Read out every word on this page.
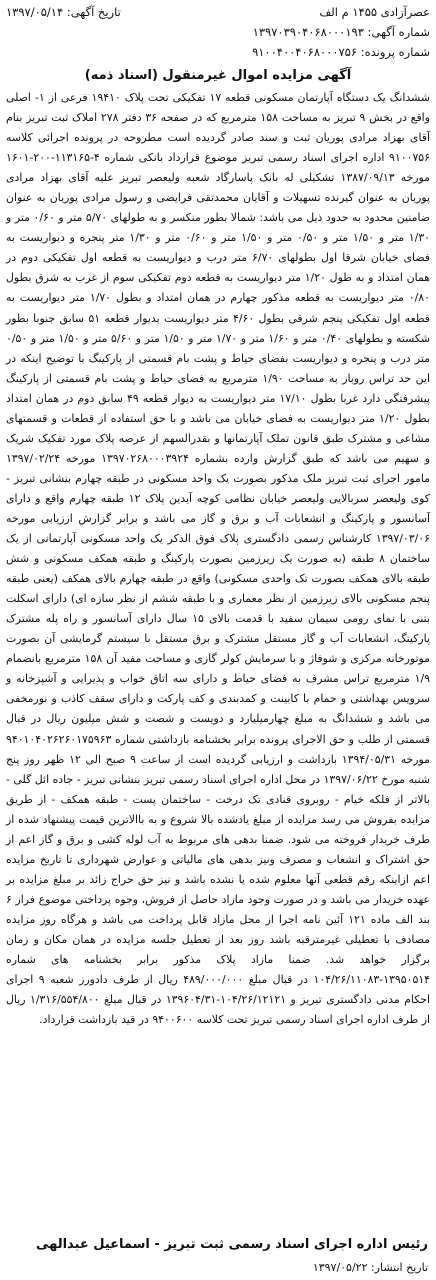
عصرآزادی ۱۴۵۵ م الف
شماره آگهی: ۱۳۹۷۰۳۹۰۴۰۶۸۰۰۰۱۹۳
شماره پرونده: ۹۱۰۰۴۰۰۴۰۶۸۰۰۰۷۵۶
تاریخ آگهی: ۱۳۹۷/۰۵/۱۴
آگهی مزایده اموال غیرمنقول (اسناد ذمه)
ششدانگ یک دستگاه آپارتمان مسکونی قطعه ۱۷ تفکیکی تحت پلاک ۱۹۴۱۰ فرعی از ۱- اصلی واقع در بخش ۹ تبریز به مساحت ۱۵۸ مترمربع که در صفحه ۳۶ دفتر ۲۷۸ املاک ثبت تبریز بنام آقای بهزاد مرادی پوریان ثبت و سند صادر گردیده است مطروحه در پرونده اجرائی کلاسه ۹۱۰۰۷۵۶ اداره اجرای اسناد رسمی تبریز موضوع قرارداد بانکی شماره ۴-۱۱۳۱۶۵-۲۰۰-۱۶۰۱ مورخه ۱۳۸۷/۰۹/۱۳ تشکیلی له بانک پاسارگاد شعبه ولیعصر تبریز علیه آقای بهزاد مرادی پوریان به عنوان گیرنده تسهیلات و آقایان محمدتقی فرایضی و رسول مرادی پوریان به عنوان ضامنین محدود به حدود ذیل می باشد: شمالا بطور منکسر و به طولهای ۵/۷۰ متر و ۰/۶۰ متر و ۱/۳۰ متر و ۱/۵۰ متر و ۰/۵۰ متر و ۱/۵۰ متر و ۰/۶۰ متر و ۱/۳۰ متر پنجره و دیواریست به فضای خیابان شرقا اول بطولهای ۶/۷۰ متر درب و دیواریست به قطعه اول تفکیکی دوم در همان امتداد و به طول ۱/۲۰ متر دیواریست به قطعه دوم تفکیکی سوم از غرب به شرق بطول ۰/۸۰ متر دیواریست به قطعه مذکور چهارم در همان امتداد و بطول ۱/۷۰ متر دیواریست به قطعه اول تفکیکی پنجم شرقی بطول ۴/۶۰ متر دیواریست بدیوار قطعه ۵۱ سابق جنوبا بطور شکسته و بطولهای ۰/۴۰ متر و ۱/۶۰ متر و ۱/۷۰ متر و ۱/۵۰ متر و ۵/۶۰ متر و ۱/۵۰ متر و ۰/۵۰ متر درب و پنجره و دیواریست بفضای حیاط و پشت بام قسمتی از پارکینگ با توضیح اینکه در این حد تراس روباز به مساحت ۱/۹۰ مترمربع به فضای حیاط و پشت بام قسمتی از پارکینگ پیشرفتگی دارد غربا بطول ۱۷/۱۰ متر دیواریست به دیوار قطعه ۴۹ سابق دوم در همان امتداد بطول ۱/۲۰ متر دیواریست به فضای خیابان می باشد و با حق استفاده از قطعات و قسمتهای مشاعی و مشترک طبق قانون تملک آپارتمانها و بقدرالسهم از عرصه پلاک مورد تفکیک شریک و سهیم می باشد که طبق گزارش وارده بشماره ۱۳۹۷۰۲۶۸۰۰۰۳۹۲۴ مورخه ۱۳۹۷/۰۲/۲۴ مامور اجرای ثبت تبریز ملک مذکور بصورت یک واحد مسکونی در طبقه چهارم بنشانی تبریز - کوی ولیعصر سربالایی ولیعصر خیابان نظامی کوچه آیدین پلاک ۱۲ طبقه چهارم واقع و دارای آسانسور و پارکینگ و انشعابات آب و برق و گاز می باشد و برابر گزارش ارزیابی مورخه ۱۳۹۷/۰۳/۰۶ کارشناس رسمی دادگستری پلاک فوق الذکر یک واحد مسکونی آپارتمانی از یک ساختمان ۸ طبقه (به صورت یک زیرزمین بصورت پارکینگ و طبقه همکف مسکونی و شش طبقه بالای همکف بصورت تک واحدی مسکونی) واقع در طبقه چهارم بالای همکف (یعنی طبقه پنجم مسکونی بالای زیرزمین از نظر معماری و با طبقه ششم از نظر سازه ای) دارای اسکلت بتنی با نمای رومی سیمان سفید با قدمت بالای ۱۵ سال دارای آسانسور و راه پله مشترک پارکینگ، انشعابات آب و گاز مستقل مشترک و برق مستقل با سیستم گرمایشی آن بصورت موتورخانه مرکزی و شوفاژ و با سرمایش کولر گازی و مساحت مفید آن ۱۵۸ مترمربع بانضمام ۱/۹ مترمربع تراس مشرف به فضای حیاط و دارای سه اتاق خواب و پذیرایی و آشپزخانه و سرویس بهداشتی و حمام با کابینت و کمدبندی و کف پارکت و دارای سقف کاذب و نورمخفی می باشد و ششدانگ به مبلغ چهارمیلیارد و دویست و شصت و شش میلیون ریال در قبال قسمتی از طلب و حق الاجرای پرونده برابر بخشنامه بازداشتی شماره ۹۴۰۱۰۴۰۲۶۲۶۰۱۷۵۹۶۳ مورخه ۱۳۹۴/۰۵/۳۱ بازداشت و ارزیابی گردیده است از ساعت ۹ صبح الی ۱۲ ظهر روز پنج شنبه مورخ ۱۳۹۷/۰۶/۲۲ در محل اداره اجرای اسناد رسمی تبریز بنشانی تبریز - جاده ائل گلی - بالاتر از فلکه خیام - روبروی قنادی تک درخت - ساختمان پست - طبقه همکف - از طریق مزایده بفروش می رسد مزایده از مبلغ یادشده بالا شروع و به باالاترین قیمت پیشنهاد شده از طرف خریدار فروخته می شود. ضمنا بدهی های مربوط به آب لوله کشی و برق و گاز اعم از حق اشتراک و انشعاب و مصرف ونیز بدهی های مالیاتی و عوارض شهرداری تا تاریخ مزایده اعم ازاینکه رقم قطعی آنها معلوم شده یا نشده باشد و نیز حق حراج زائد بر مبلغ مزایده بر عهده خریدار می باشد و در صورت وجود مازاد حاصل از فروش، وجوه پرداختی موضوع فراز ۶ بند الف ماده ۱۲۱ آئین نامه اجرا از محل مازاد قابل پرداخت می باشد و هرگاه روز مزایده مصادف با تعطیلی غیرمترقبه باشد روز بعد از تعطیل جلسه مزایده در همان مکان و زمان برگزار خواهد شد. ضمنا مازاد پلاک مذکور برابر بخشنامه های شماره ۱۳۹۵۰۵۱۴-۱۰۴/۲۶/۱۱۰۸۳ در قبال مبلغ ۴۸۹/۰۰۰/۰۰۰ ریال از طرف دادورز شعبه ۹ اجرای احکام مدنی دادگستری تبریز و ۱۰۴/۲۶/۱۲۱۲۱-۱۳۹۶۰۴/۳۱ در قبال مبلغ ۱/۳۱۶/۵۵۴/۸۰۰ ریال از طرف اداره اجرای اسناد رسمی تبریز تحت کلاسه ۹۴۰۰۶۰۰ در قید بازداشت قرارداد.
رئیس اداره اجرای اسناد رسمی ثبت تبریز - اسماعیل عبدالهی
تاریخ انتشار: ۱۳۹۷/۰۵/۲۲
